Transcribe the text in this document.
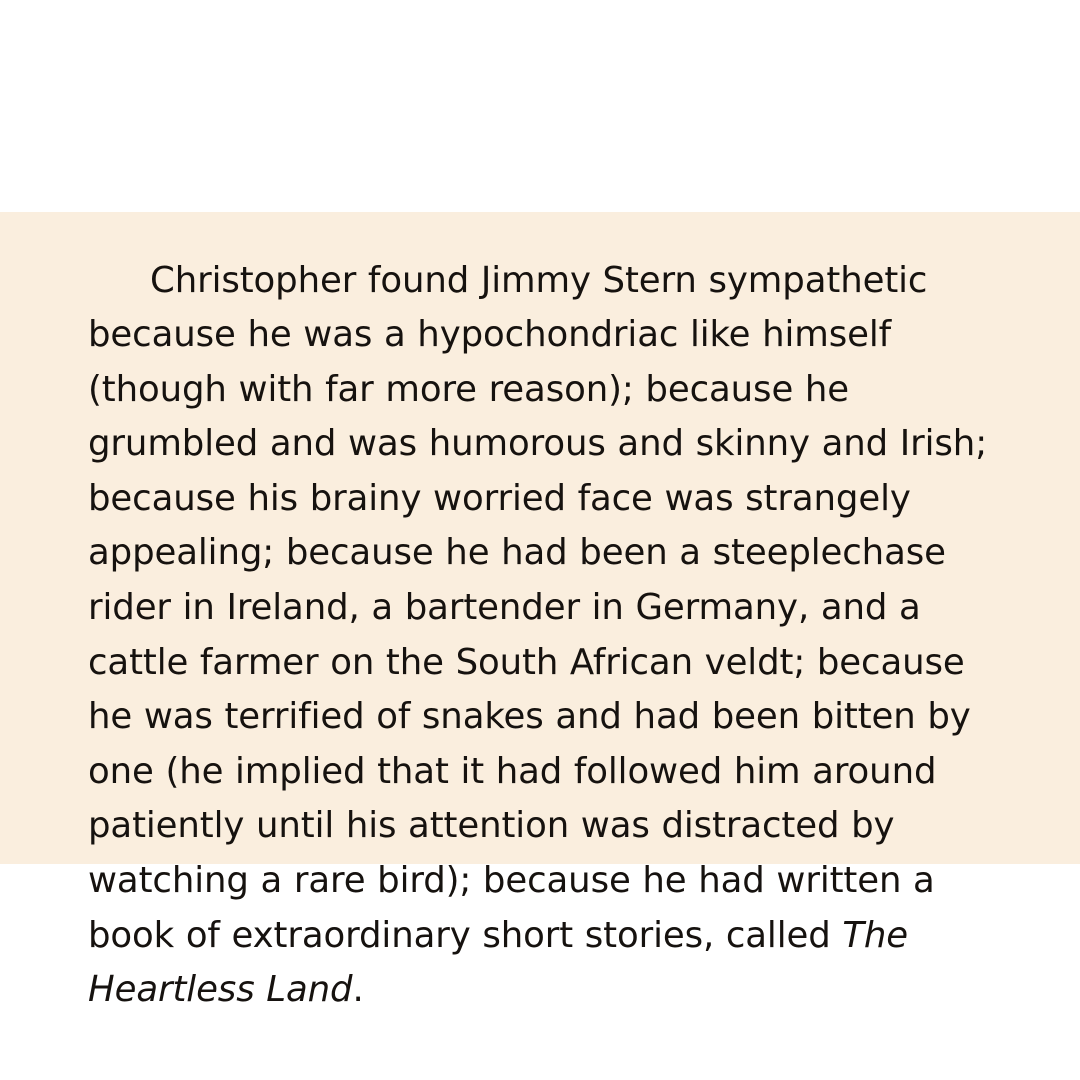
Christopher found Jimmy Stern sympathetic because he was a hypochondriac like himself (though with far more reason); because he grumbled and was humorous and skinny and Irish; because his brainy worried face was strangely appealing; because he had been a steeplechase rider in Ireland, a bartender in Germany, and a cattle farmer on the South African veldt; because he was terrified of snakes and had been bitten by one (he implied that it had followed him around patiently until his attention was distracted by watching a rare bird); because he had written a book of extraordinary short stories, called The Heartless Land.
